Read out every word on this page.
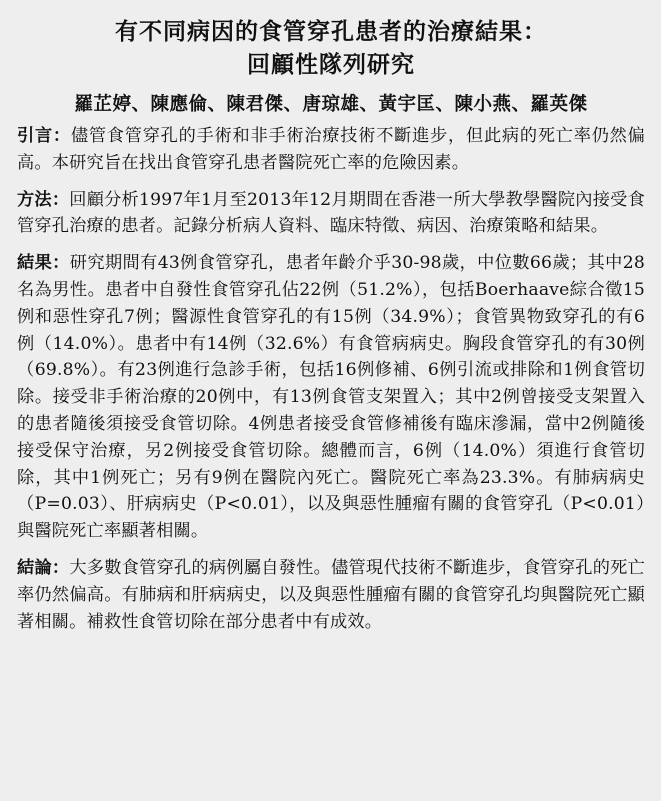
有不同病因的食管穿孔患者的治療結果：
回顧性隊列研究
羅芷婷、陳應倫、陳君傑、唐琼雄、黃宇匡、陳小燕、羅英傑

引言：儘管食管穿孔的手術和非手術治療技術不斷進步，但此病的死亡率仍然偏高。本研究旨在找出食管穿孔患者醫院死亡率的危險因素。

方法：回顧分析1997年1月至2013年12月期間在香港一所大學教學醫院內接受食管穿孔治療的患者。記錄分析病人資料、臨床特徵、病因、治療策略和結果。

結果：研究期間有43例食管穿孔，患者年齡介乎30-98歲，中位數66歲；其中28名為男性。患者中自發性食管穿孔佔22例（51.2%），包括Boerhaave綜合徵15例和惡性穿孔7例；醫源性食管穿孔的有15例（34.9%）；食管異物致穿孔的有6例（14.0%）。患者中有14例（32.6%）有食管病病史。胸段食管穿孔的有30例（69.8%）。有23例進行急診手術，包括16例修補、6例引流或排除和1例食管切除。接受非手術治療的20例中，有13例食管支架置入；其中2例曾接受支架置入的患者隨後須接受食管切除。4例患者接受食管修補後有臨床滲漏，當中2例隨後接受保守治療，另2例接受食管切除。總體而言，6例（14.0%）須進行食管切除，其中1例死亡；另有9例在醫院內死亡。醫院死亡率為23.3%。有肺病病史（P=0.03）、肝病病史（P<0.01），以及與惡性腫瘤有關的食管穿孔（P<0.01）與醫院死亡率顯著相關。

結論：大多數食管穿孔的病例屬自發性。儘管現代技術不斷進步，食管穿孔的死亡率仍然偏高。有肺病和肝病病史，以及與惡性腫瘤有關的食管穿孔均與醫院死亡顯著相關。補救性食管切除在部分患者中有成效。
